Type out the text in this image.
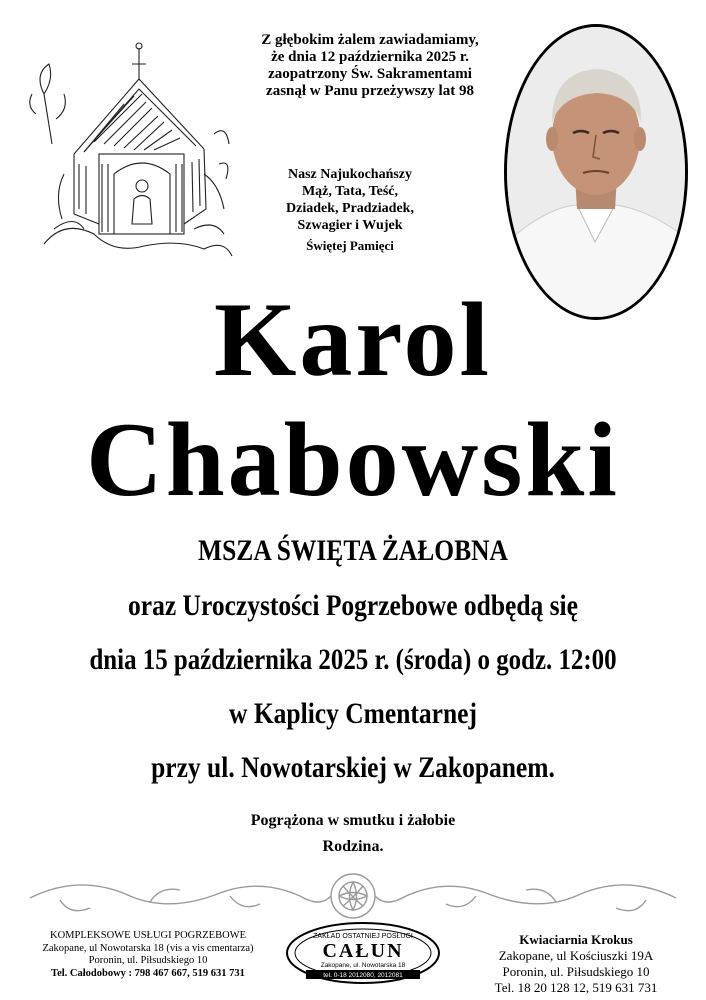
Z głębokim żalem zawiadamiamy,
że dnia 12 października 2025 r.
zaopatrzony Św. Sakramentami
zasnął w Panu przeżywszy lat 98
Nasz Najukochańszy
Mąż, Tata, Teść,
Dziadek, Pradziadek,
Szwagier i Wujek
Świętej Pamięci
Karol
Chabowski
MSZA ŚWIĘTA ŻAŁOBNA
oraz Uroczystości Pogrzebowe odbędą się
dnia 15 października 2025 r. (środa) o godz. 12:00
w Kaplicy Cmentarnej
przy ul. Nowotarskiej w Zakopanem.
Pogrążona w smutku i żałobie
Rodzina.
KOMPLEKSOWE USŁUGI POGRZEBOWE
Zakopane, ul Nowotarska 18 (vis a vis cmentarza)
Poronin, ul. Piłsudskiego 10
Tel. Całodobowy : 798 467 667, 519 631 731
ZAKŁAD OSTATNIEJ POSŁUGI
CAŁUN
Zakopane, ul. Nowotarska 18
tel. 0-18 2012080, 2012081
Kwiaciarnia Krokus
Zakopane, ul Kościuszki 19A
Poronin, ul. Piłsudskiego 10
Tel. 18 20 128 12, 519 631 731
